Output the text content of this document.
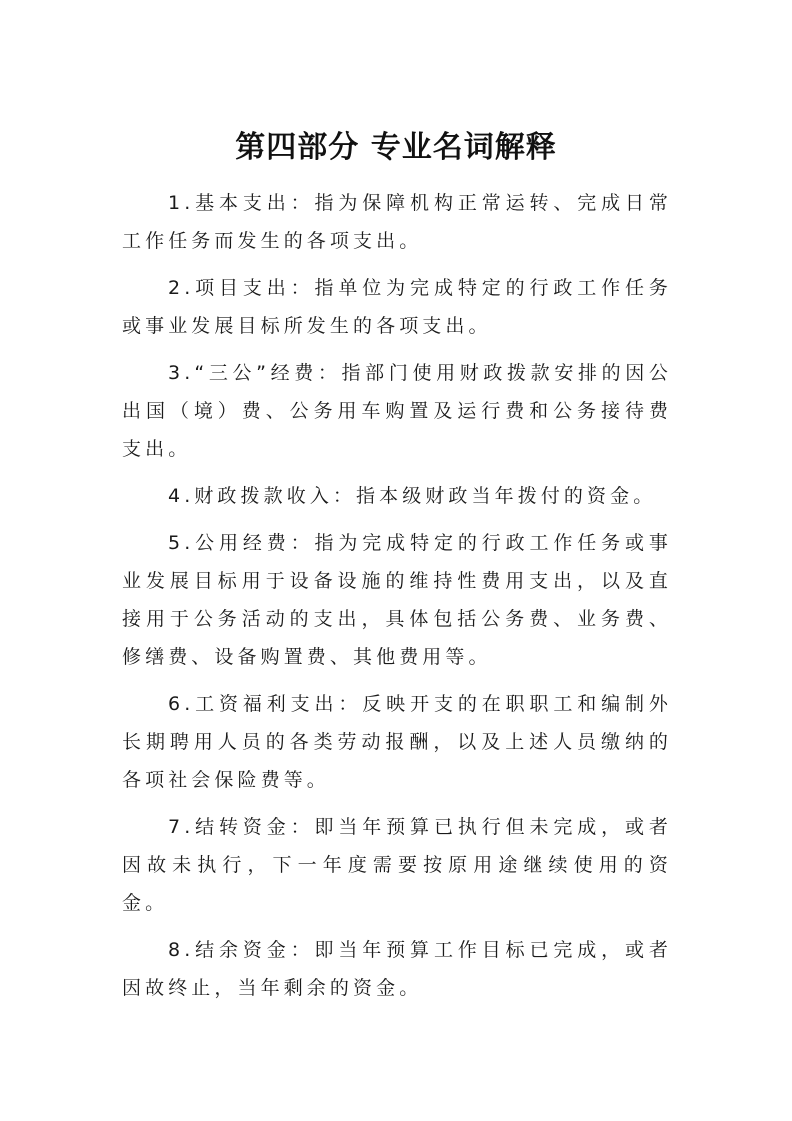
第四部分 专业名词解释

1.基本支出：指为保障机构正常运转、完成日常工作任务而发生的各项支出。

2.项目支出：指单位为完成特定的行政工作任务或事业发展目标所发生的各项支出。

3.“三公”经费：指部门使用财政拨款安排的因公出国（境）费、公务用车购置及运行费和公务接待费支出。

4.财政拨款收入：指本级财政当年拨付的资金。

5.公用经费：指为完成特定的行政工作任务或事业发展目标用于设备设施的维持性费用支出，以及直接用于公务活动的支出，具体包括公务费、业务费、修缮费、设备购置费、其他费用等。

6.工资福利支出：反映开支的在职职工和编制外长期聘用人员的各类劳动报酬，以及上述人员缴纳的各项社会保险费等。

7.结转资金：即当年预算已执行但未完成，或者因故未执行，下一年度需要按原用途继续使用的资金。

8.结余资金：即当年预算工作目标已完成，或者因故终止，当年剩余的资金。
